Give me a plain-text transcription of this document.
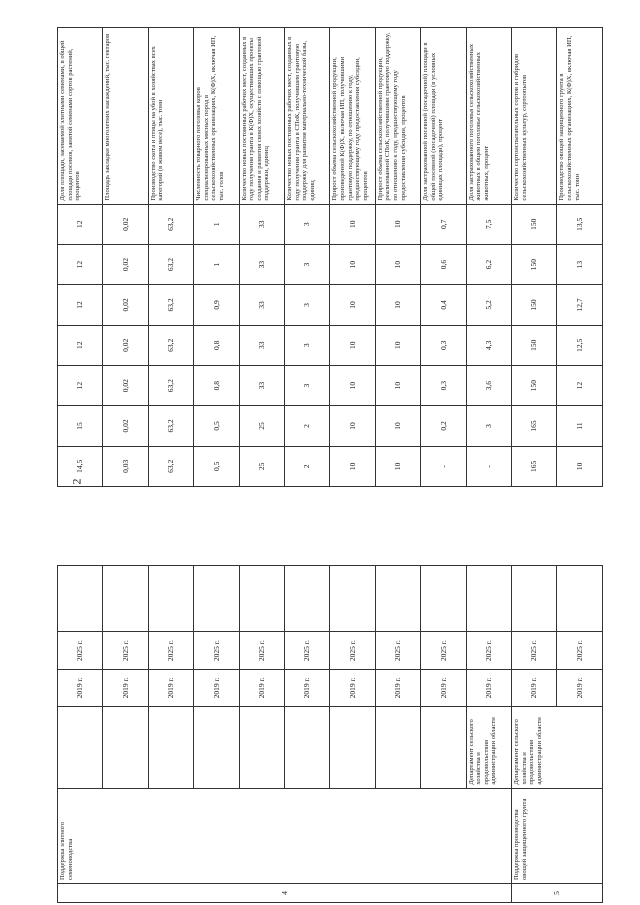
2
14,5	15	12	12	12	12	12	Доля площади, засеваемой элитными семенами, в общей площади посевов, занятой семенами сортов растений, процентов
0,03	0,02	0,02	0,02	0,02	0,02	0,02	Площадь закладки многолетних насаждений, тыс. гектаров
63,2	63,2	63,2	63,2	63,2	63,2	63,2	Производство скота и птицы на убой в хозяйствах всех категорий (в живом весе), тыс. тонн
0,5	0,5	0,8	0,8	0,9	1	1	Численность товарного поголовья коров специализированных мясных пород в сельскохозяйственных организациях, К(Ф)Х, включая ИП, тыс. голов
25	25	33	33	33	33	33	Количество новых постоянных рабочих мест, созданных в году получения гранта в К(Ф)Х, осуществивших проекты создания и развития своих хозяйств с помощью грантовой поддержки, единиц
2	2	3	3	3	3	3	Количество новых постоянных рабочих мест, созданных в году получения гранта в СПоК, получившем грантовую поддержку для развития материально-технической базы, единиц
10	10	10	10	10	10	10	Прирост объема сельскохозяйственной продукции, произведенной К(Ф)Х, включая ИП, получившими грантовую поддержку, по отношению к году, предшествующему году предоставления субсидии, процентов
10	10	10	10	10	10	10	Прирост объема сельскохозяйственной продукции, реализованной СПоК, получившими грантовую поддержку, по отношению к году, предшествующему году предоставления субсидии, процентов
-	0,2	0,3	0,3	0,4	0,6	0,7	Доля застрахованной посевной (посадочной) площади в общей посевной (посадочной) площади (в условных единицах площади), процент
-	3	3,6	4,3	5,2	6,2	7,5	Доля застрахованного поголовья сельскохозяйственных животных в общем поголовье сельскохозяйственных животных, процент
165	165	150	150	150	150	150	Количество сортоиспытательных сортов и гибридов сельскохозяйственных культур, сортоопытов
10	11	12	12,5	12,7	13	13,5	Производство овощей защищенного грунта в сельскохозяйственных организациях, К(Ф)Х, включая ИП, тыс. тонн
4	Поддержка элитного семеноводства		2019 г.	2025 г.	
			2019 г.	2025 г.	
			2019 г.	2025 г.	
			2019 г.	2025 г.	
			2019 г.	2025 г.	
			2019 г.	2025 г.	
			2019 г.	2025 г.	
			2019 г.	2025 г.	
			2019 г.	2025 г.	
		Департамент сельского хозяйства и продовольствия администрации области	2019 г.	2025 г.	
5	Поддержка производства овощей защищенного грунта	Департамент сельского хозяйства и продовольствия администрации области	2019 г.	2025 г.	
			2019 г.	2025 г.	
